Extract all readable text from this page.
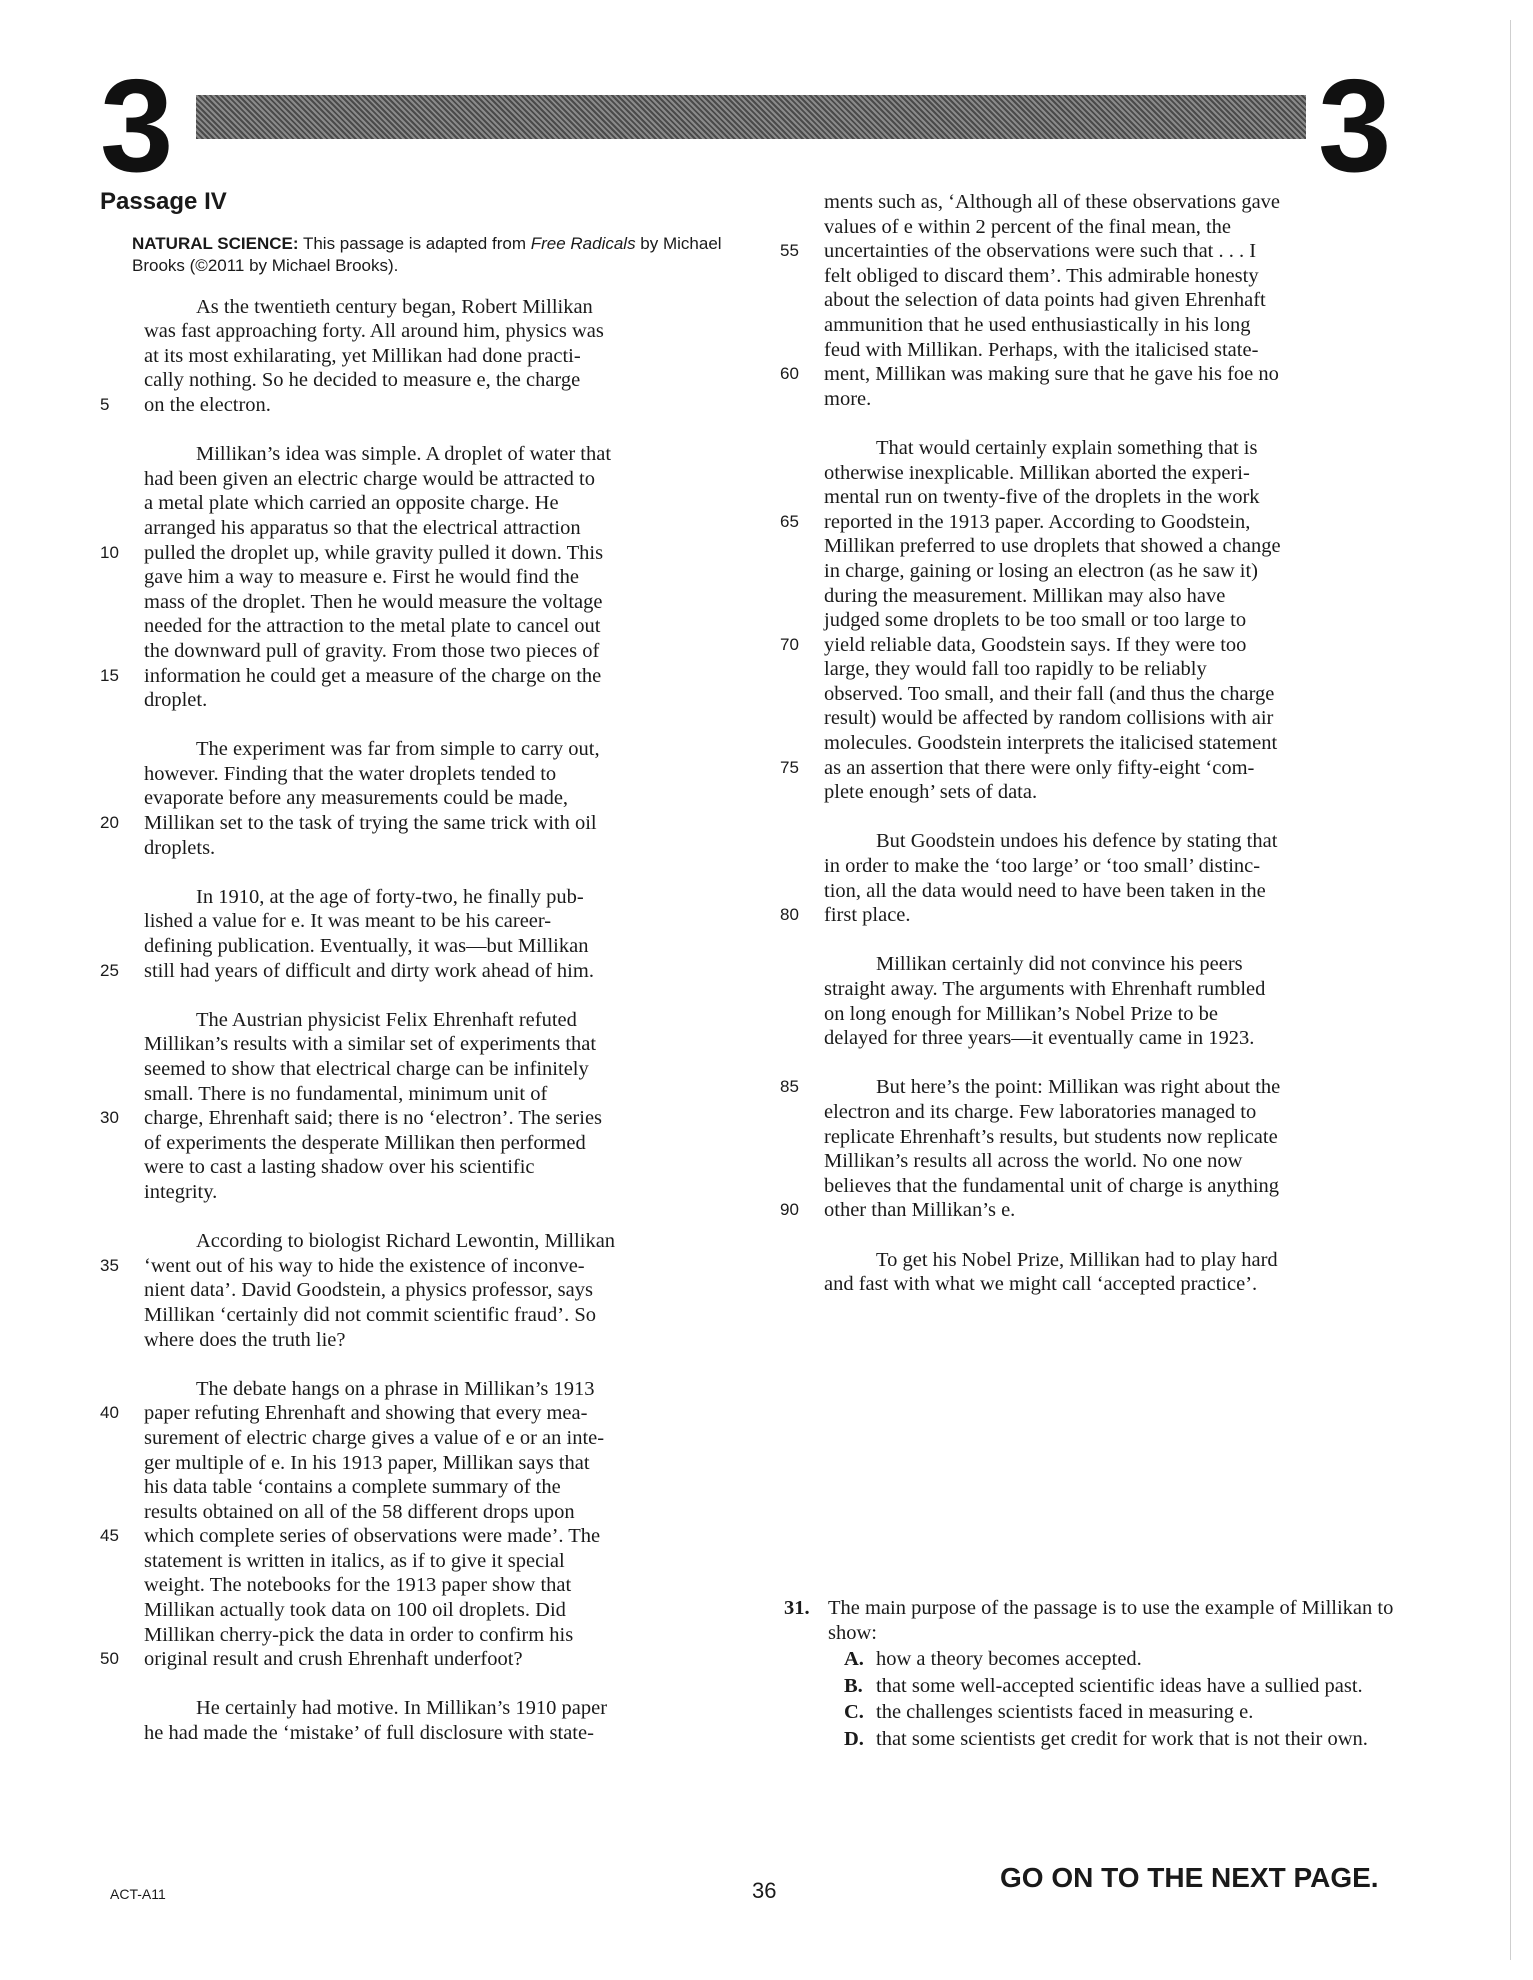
3	3
Passage IV
NATURAL SCIENCE: This passage is adapted from Free Radicals by Michael Brooks (©2011 by Michael Brooks).
As the twentieth century began, Robert Millikan
was fast approaching forty. All around him, physics was
at its most exhilarating, yet Millikan had done practi-
cally nothing. So he decided to measure e, the charge
5	on the electron.
Millikan’s idea was simple. A droplet of water that
had been given an electric charge would be attracted to
a metal plate which carried an opposite charge. He
arranged his apparatus so that the electrical attraction
10	pulled the droplet up, while gravity pulled it down. This
gave him a way to measure e. First he would find the
mass of the droplet. Then he would measure the voltage
needed for the attraction to the metal plate to cancel out
the downward pull of gravity. From those two pieces of
15	information he could get a measure of the charge on the
droplet.
The experiment was far from simple to carry out,
however. Finding that the water droplets tended to
evaporate before any measurements could be made,
20	Millikan set to the task of trying the same trick with oil
droplets.
In 1910, at the age of forty-two, he finally pub-
lished a value for e. It was meant to be his career-
defining publication. Eventually, it was—but Millikan
25	still had years of difficult and dirty work ahead of him.
The Austrian physicist Felix Ehrenhaft refuted
Millikan’s results with a similar set of experiments that
seemed to show that electrical charge can be infinitely
small. There is no fundamental, minimum unit of
30	charge, Ehrenhaft said; there is no ‘electron’. The series
of experiments the desperate Millikan then performed
were to cast a lasting shadow over his scientific
integrity.
According to biologist Richard Lewontin, Millikan
35	‘went out of his way to hide the existence of inconve-
nient data’. David Goodstein, a physics professor, says
Millikan ‘certainly did not commit scientific fraud’. So
where does the truth lie?
The debate hangs on a phrase in Millikan’s 1913
40	paper refuting Ehrenhaft and showing that every mea-
surement of electric charge gives a value of e or an inte-
ger multiple of e. In his 1913 paper, Millikan says that
his data table ‘contains a complete summary of the
results obtained on all of the 58 different drops upon
45	which complete series of observations were made’. The
statement is written in italics, as if to give it special
weight. The notebooks for the 1913 paper show that
Millikan actually took data on 100 oil droplets. Did
Millikan cherry-pick the data in order to confirm his
50	original result and crush Ehrenhaft underfoot?
He certainly had motive. In Millikan’s 1910 paper
he had made the ‘mistake’ of full disclosure with state-
ments such as, ‘Although all of these observations gave
values of e within 2 percent of the final mean, the
55	uncertainties of the observations were such that . . . I
felt obliged to discard them’. This admirable honesty
about the selection of data points had given Ehrenhaft
ammunition that he used enthusiastically in his long
feud with Millikan. Perhaps, with the italicised state-
60	ment, Millikan was making sure that he gave his foe no
more.
That would certainly explain something that is
otherwise inexplicable. Millikan aborted the experi-
mental run on twenty-five of the droplets in the work
65	reported in the 1913 paper. According to Goodstein,
Millikan preferred to use droplets that showed a change
in charge, gaining or losing an electron (as he saw it)
during the measurement. Millikan may also have
judged some droplets to be too small or too large to
70	yield reliable data, Goodstein says. If they were too
large, they would fall too rapidly to be reliably
observed. Too small, and their fall (and thus the charge
result) would be affected by random collisions with air
molecules. Goodstein interprets the italicised statement
75	as an assertion that there were only fifty-eight ‘com-
plete enough’ sets of data.
But Goodstein undoes his defence by stating that
in order to make the ‘too large’ or ‘too small’ distinc-
tion, all the data would need to have been taken in the
80	first place.
Millikan certainly did not convince his peers
straight away. The arguments with Ehrenhaft rumbled
on long enough for Millikan’s Nobel Prize to be
delayed for three years—it eventually came in 1923.
85	But here’s the point: Millikan was right about the
electron and its charge. Few laboratories managed to
replicate Ehrenhaft’s results, but students now replicate
Millikan’s results all across the world. No one now
believes that the fundamental unit of charge is anything
90	other than Millikan’s e.
To get his Nobel Prize, Millikan had to play hard
and fast with what we might call ‘accepted practice’.
31. The main purpose of the passage is to use the example of Millikan to show:
A. how a theory becomes accepted.
B. that some well-accepted scientific ideas have a sullied past.
C. the challenges scientists faced in measuring e.
D. that some scientists get credit for work that is not their own.
ACT-A11	36	GO ON TO THE NEXT PAGE.
